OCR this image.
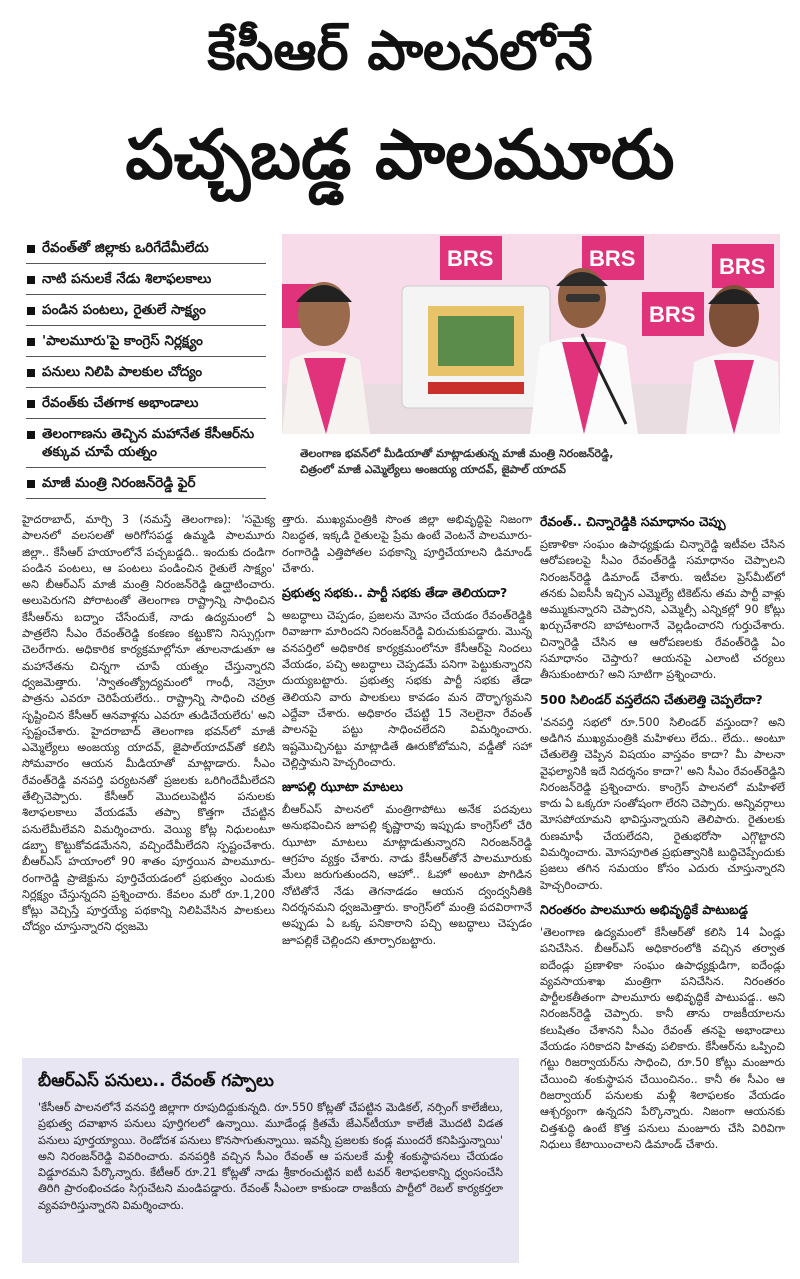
కేసీఆర్ పాలనలోనే
పచ్చబడ్డ పాలమూరు
రేవంత్‌తో జిల్లాకు ఒరిగేదేమీలేదు
నాటి పనులకే నేడు శిలాఫలకాలు
పండిన పంటలు, రైతులే సాక్ష్యం
'పాలమూరు'పై కాంగ్రెస్ నిర్లక్ష్యం
పనులు నిలిపి పాలకుల చోద్యం
రేవంత్‌కు చేతగాక అభాండాలు
తెలంగాణను తెచ్చిన మహానేత కేసీఆర్‌ను తక్కువ చూపే యత్నం
మాజీ మంత్రి నిరంజన్‌రెడ్డి ఫైర్
BRS	BRS	BRS
BRS
తెలంగాణ భవన్‌లో మీడియాతో మాట్లాడుతున్న మాజీ మంత్రి నిరంజన్‌రెడ్డి,
చిత్రంలో మాజీ ఎమ్మెల్యేలు అంజయ్య యాదవ్, జైపాల్ యాదవ్

హైదరాబాద్, మార్చి 3 (నమస్తే తెలంగాణ): 'సమైక్య పాలనలో వలసలతో అరిగోసపడ్డ ఉమ్మడి పాలమూరు జిల్లా.. కేసీఆర్ హయాంలోనే పచ్చబడ్డది.. ఇందుకు దండిగా పండిన పంటలు, ఆ పంటలు పండించిన రైతులే సాక్ష్యం' అని బీఆర్‌ఎస్ మాజీ మంత్రి నిరంజన్‌రెడ్డి ఉద్ఘాటించారు. అలుపెరుగని పోరాటంతో తెలంగాణ రాష్ట్రాన్ని సాధించిన కేసీఆర్‌ను బద్నాం చేసేందుకే, నాడు ఉద్యమంలో ఏ పాత్రలేని సీఎం రేవంత్‌రెడ్డి కంకణం కట్టుకొని నిస్సుగ్గుగా చెలరేగారు. అధికారిక కార్యక్రమాల్లోనూ తూలనాడుతూ ఆ మహానేతను చిన్నగా చూపే యత్నం చేస్తున్నారని ధ్వజమెత్తారు. 'స్వాతంత్య్రోద్యమంలో గాంధీ, నెహ్రూ పాత్రను ఎవరూ చెరిపేయలేరు.. రాష్ట్రాన్ని సాధించి చరిత్ర సృష్టించిన కేసీఆర్ ఆనవాళ్లను ఎవరూ తుడిచేయలేరు' అని స్పష్టంచేశారు. హైదరాబాద్ తెలంగాణ భవన్‌లో మాజీ ఎమ్మెల్యేలు అంజయ్య యాదవ్, జైపాల్‌యాదవ్‌తో కలిసి సోమవారం ఆయన మీడియాతో మాట్లాడారు. సీఎం రేవంత్‌రెడ్డి వనపర్తి పర్యటనతో ప్రజలకు ఒరిగిందేమీలేదని తేల్చిచెప్పారు. కేసీఆర్ మొదలుపెట్టిన పనులకు శిలాఫలకాలు వేయడమే తప్పా కొత్తగా చేపట్టిన పనులేమీలేవని విమర్శించారు. వెయ్యి కోట్ల నిధులంటూ డబ్బా కొట్టుకోవడమేనని, వచ్చిందేమీలేదని స్పష్టంచేశారు. బీఆర్‌ఎస్ హయాంలో 90 శాతం పూర్తయిన పాలమూరు-రంగారెడ్డి ప్రాజెక్టును పూర్తిచేయడంలో ప్రభుత్వం ఎందుకు నిర్లక్ష్యం చేస్తున్నదని ప్రశ్నించారు. కేవలం మరో రూ.1,200 కోట్లు వెచ్చిస్తే పూర్తయ్యే పథకాన్ని నిలిపివేసిన పాలకులు చోద్యం చూస్తున్నారని ధ్వజమె

త్తారు. ముఖ్యమంత్రికి సొంత జిల్లా అభివృద్ధిపై నిజంగా నిబద్ధత, ఇక్కడి రైతులపై ప్రేమ ఉంటే వెంటనే పాలమూరు-రంగారెడ్డి ఎత్తిపోతల పథకాన్ని పూర్తిచేయాలని డిమాండ్ చేశారు.

ప్రభుత్వ సభకు.. పార్టీ సభకు తేడా తెలియదా?

అబద్ధాలు చెప్పడం, ప్రజలను మోసం చేయడం రేవంత్‌రెడ్డికి రివాజుగా మారిందని నిరంజన్‌రెడ్డి విరుచుకుపడ్డారు. మొన్న వనపర్తిలో అధికారిక కార్యక్రమంలోనూ కేసీఆర్‌పై నిందలు వేయడం, పచ్చి అబద్ధాలు చెప్పడమే పనిగా పెట్టుకున్నారని దుయ్యబట్టారు. ప్రభుత్వ సభకు పార్టీ సభకు తేడా తెలియని వారు పాలకులు కావడం మన దౌర్భాగ్యమని ఎద్దేవా చేశారు. అధికారం చేపట్టి 15 నెలలైనా రేవంత్ పాలనపై పట్టు సాధించలేదని విమర్శించారు. ఇష్టమొచ్చినట్టు మాట్లాడితే ఊరుకోబోమని, వడ్డీతో సహా చెల్లిస్తామని హెచ్చరించారు.

జూపల్లి ఝూటా మాటలు

బీఆర్‌ఎస్ పాలనలో మంత్రిగాపోటు అనేక పదవులు అనుభవించిన జూపల్లి కృష్ణారావు ఇప్పుడు కాంగ్రెస్‌లో చేరి ఝూటా మాటలు మాట్లాడుతున్నారని నిరంజన్‌రెడ్డి ఆగ్రహం వ్యక్తం చేశారు. నాడు కేసీఆర్‌తోనే పాలమూరుకు మేలు జరుగుతుందని, ఆహో.. ఓహో అంటూ పొగిడిన నోటితోనే నేడు తెగనాడడం ఆయన ద్వంద్వనీతికి నిదర్శనమని ధ్వజమెత్తారు. కాంగ్రెస్‌లో మంత్రి పదవిరాగానే అప్పుడు ఏ ఒక్క పనికారాని పచ్చి అబద్ధాలు చెప్పడం జూపల్లికే చెల్లిందని తూర్పారబట్టారు.

రేవంత్.. చిన్నారెడ్డికి సమాధానం చెప్పు

ప్రణాళికా సంఘం ఉపాధ్యక్షుడు చిన్నారెడ్డి ఇటీవల చేసిన ఆరోపణలపై సీఎం రేవంత్‌రెడ్డి సమాధానం చెప్పాలని నిరంజన్‌రెడ్డి డిమాండ్ చేశారు. ఇటీవల ప్రెస్‌మీట్‌లో తనకు ఏఐసీసీ ఇచ్చిన ఎమ్మెల్యే టికెట్‌ను తమ పార్టీ వాళ్లు అమ్ముకున్నారని చెప్పారని, ఎమ్మెల్సీ ఎన్నికల్లో 90 కోట్లు ఖర్చుచేశారని బాహాటంగానే వెల్లడించారని గుర్తుచేశారు. చిన్నారెడ్డి చేసిన ఆ ఆరోపణలకు రేవంత్‌రెడ్డి ఏం సమాధానం చెప్తారు? ఆయనపై ఎలాంటి చర్యలు తీసుకుంటారు? అని సూటిగా ప్రశ్నించారు.

500 సిలిండర్ వస్తలేదని చేతులెత్తి చెప్పలేదా?

'వనపర్తి సభలో రూ.500 సిలిండర్ వస్తుందా? అని అడిగిన ముఖ్యమంత్రికి మహిళలు లేదు.. లేదు.. అంటూ చేతులెత్తి చెప్పిన విషయం వాస్తవం కాదా? మీ పాలనా వైఫల్యానికి ఇదే నిదర్శనం కాదా?' అని సీఎం రేవంత్‌రెడ్డిని నిరంజన్‌రెడ్డి ప్రశ్నించారు. కాంగ్రెస్ పాలనలో మహిళలే కాదు ఏ ఒక్కరూ సంతోషంగా లేరని చెప్పారు. అన్నివర్గాలు మోసపోయామని భావిస్తున్నాయని తెలిపారు. రైతులకు రుణమాఫీ చేయలేదని, రైతుభరోసా ఎగ్గొట్టారని విమర్శించారు. మోసపూరిత ప్రభుత్వానికి బుద్ధిచెప్పేందుకు ప్రజలు తగిన సమయం కోసం ఎదురు చూస్తున్నారని హెచ్చరించారు.

నిరంతరం పాలమూరు అభివృద్ధికే పాటుబడ్డ

'తెలంగాణ ఉద్యమంలో కేసీఆర్‌తో కలిసి 14 ఏండ్లు పనిచేసిన. బీఆర్‌ఎస్ అధికారంలోకి వచ్చిన తర్వాత ఐదేండ్లు ప్రణాళికా సంఘం ఉపాధ్యక్షుడిగా, ఐదేండ్లు వ్యవసాయశాఖ మంత్రిగా పనిచేసిన. నిరంతరం పార్టీలకతీతంగా పాలమూరు అభివృద్ధికే పాటుపడ్డ.. అని నిరంజన్‌రెడ్డి చెప్పారు. కానీ తాను రాజకీయాలను కలుషితం చేశానని సీఎం రేవంత్ తనపై అభాండాలు వేయడం సరికాదని హితవు పలికారు. కేసీఆర్‌ను ఒప్పించి గట్టు రిజర్వాయర్‌ను సాధించి, రూ.50 కోట్లు మంజూరు చేయించి శంకుస్థాపన చేయించినం.. కానీ ఈ సీఎం ఆ రిజర్వాయర్ పనులకు మళ్లీ శిలాఫలకం వేయడం ఆశ్చర్యంగా ఉన్నదని పేర్కొన్నారు. నిజంగా ఆయనకు చిత్తశుద్ధి ఉంటే కొత్త పనులు మంజూరు చేసి విరివిగా నిధులు కేటాయించాలని డిమాండ్ చేశారు.

బీఆర్‌ఎస్ పనులు.. రేవంత్ గప్పాలు
'కేసీఆర్ పాలనలోనే వనపర్తి జిల్లాగా రూపుదిద్దుకున్నది. రూ.550 కోట్లతో చేపట్టిన మెడికల్, నర్సింగ్ కాలేజీలు, ప్రభుత్వ దవాఖాన పనులు పూర్తిగలలో ఉన్నాయి. మూడేండ్ల క్రితమే జేఎన్‌టీయూ కాలేజీ మొదటి విడత పనులు పూర్తయ్యాయి. రెండోదశ పనులు కొనసాగుతున్నాయి. ఇవన్నీ ప్రజలకు కండ్ల ముందరే కనిపిస్తున్నాయి' అని నిరంజన్‌రెడ్డి వివరించారు. వనపర్తికి వచ్చిన సీఎం రేవంత్ ఆ పనులకే మళ్లీ శంకుస్థాపనలు చేయడం విడ్డూరమని పేర్కొన్నారు. కేటీఆర్ రూ.21 కోట్లతో నాడు శ్రీకారంచుట్టిన ఐటీ టవర్ శిలాఫలకాన్ని ధ్వంసంచేసి తిరిగి ప్రారంభించడం సిగ్గుచేటని మండిపడ్డారు. రేవంత్ సీఎంలా కాకుండా రాజకీయ పార్టీలో రెబల్ కార్యకర్తలా వ్యవహరిస్తున్నారని విమర్శించారు.
